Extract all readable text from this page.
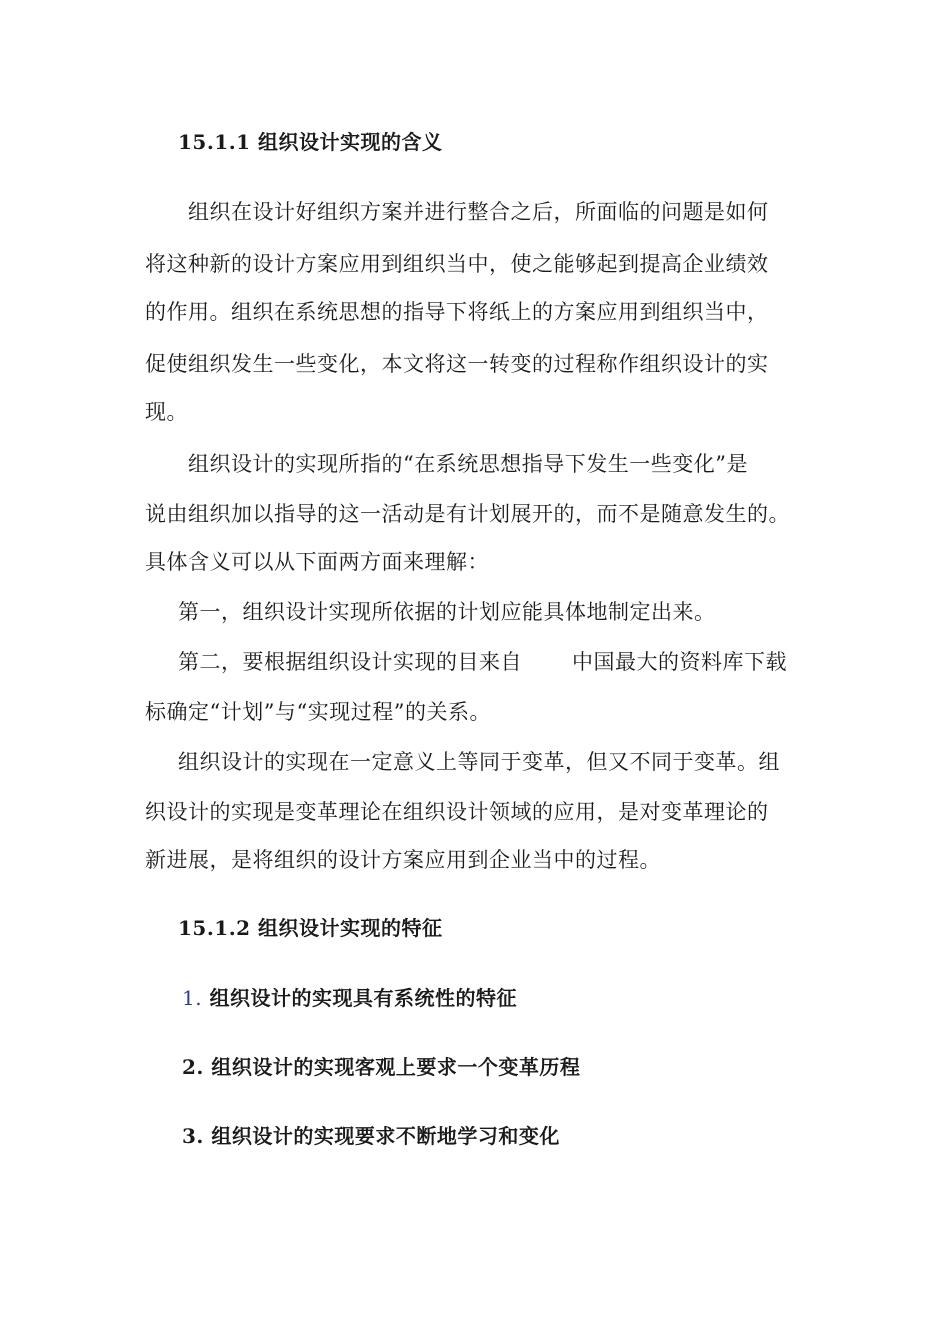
15.1.1 组织设计实现的含义
组织在设计好组织方案并进行整合之后，所面临的问题是如何
将这种新的设计方案应用到组织当中，使之能够起到提高企业绩效
的作用。组织在系统思想的指导下将纸上的方案应用到组织当中，
促使组织发生一些变化，本文将这一转变的过程称作组织设计的实
现。
组织设计的实现所指的“在系统思想指导下发生一些变化”是
说由组织加以指导的这一活动是有计划展开的，而不是随意发生的。
具体含义可以从下面两方面来理解：
第一，组织设计实现所依据的计划应能具体地制定出来。
第二，要根据组织设计实现的目来自 中国最大的资料库下载
标确定“计划”与“实现过程”的关系。
组织设计的实现在一定意义上等同于变革，但又不同于变革。组
织设计的实现是变革理论在组织设计领域的应用，是对变革理论的
新进展，是将组织的设计方案应用到企业当中的过程。
15.1.2 组织设计实现的特征
1. 组织设计的实现具有系统性的特征
2. 组织设计的实现客观上要求一个变革历程
3. 组织设计的实现要求不断地学习和变化
